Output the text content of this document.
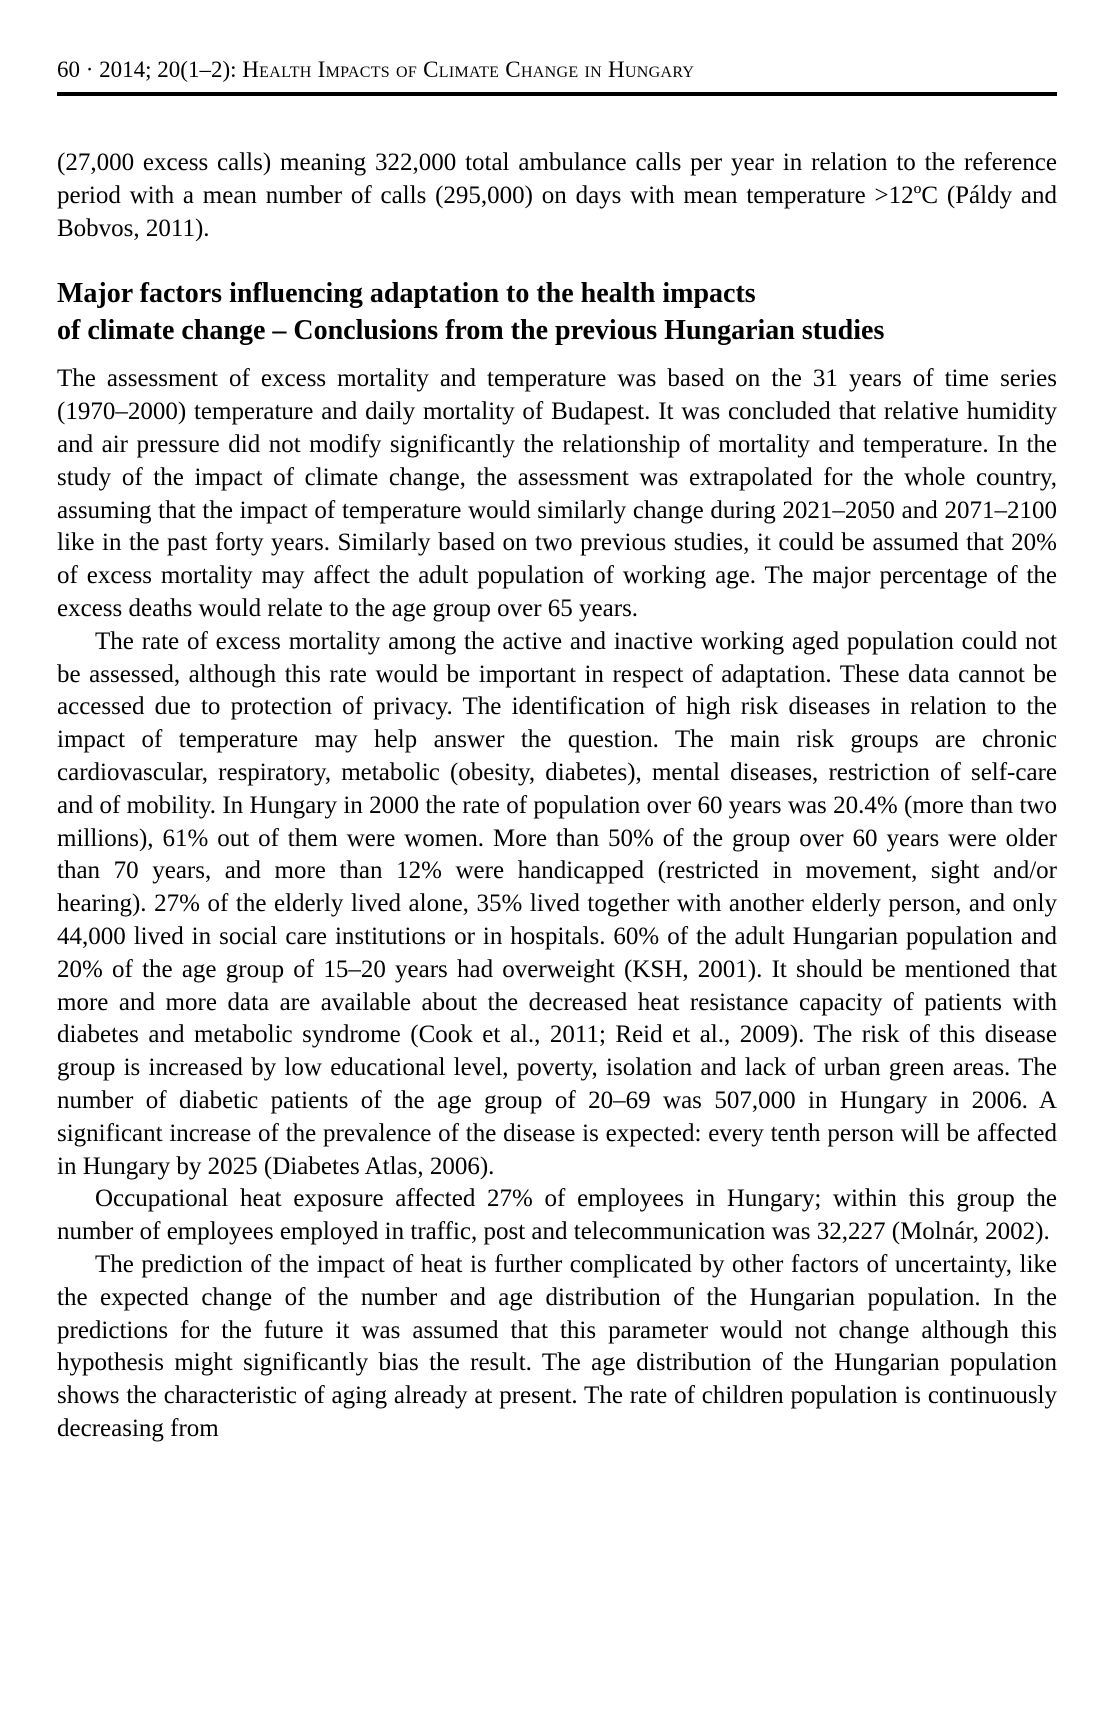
60 · 2014; 20(1–2): Health Impacts of Climate Change in Hungary

(27,000 excess calls) meaning 322,000 total ambulance calls per year in relation to the reference period with a mean number of calls (295,000) on days with mean temperature >12ºC (Páldy and Bobvos, 2011).

Major factors influencing adaptation to the health impacts
of climate change – Conclusions from the previous Hungarian studies

The assessment of excess mortality and temperature was based on the 31 years of time series (1970–2000) temperature and daily mortality of Budapest. It was concluded that relative humidity and air pressure did not modify significantly the relationship of mortality and temperature. In the study of the impact of climate change, the assessment was extrapolated for the whole country, assuming that the impact of temperature would similarly change during 2021–2050 and 2071–2100 like in the past forty years. Similarly based on two previous studies, it could be assumed that 20% of excess mortality may affect the adult population of working age. The major percentage of the excess deaths would relate to the age group over 65 years.

The rate of excess mortality among the active and inactive working aged population could not be assessed, although this rate would be important in respect of adaptation. These data cannot be accessed due to protection of privacy. The identification of high risk diseases in relation to the impact of temperature may help answer the question. The main risk groups are chronic cardiovascular, respiratory, metabolic (obesity, diabetes), mental diseases, restriction of self-care and of mobility. In Hungary in 2000 the rate of population over 60 years was 20.4% (more than two millions), 61% out of them were women. More than 50% of the group over 60 years were older than 70 years, and more than 12% were handicapped (restricted in movement, sight and/or hearing). 27% of the elderly lived alone, 35% lived together with another elderly person, and only 44,000 lived in social care institutions or in hospitals. 60% of the adult Hungarian population and 20% of the age group of 15–20 years had overweight (KSH, 2001). It should be mentioned that more and more data are available about the decreased heat resistance capacity of patients with diabetes and metabolic syndrome (Cook et al., 2011; Reid et al., 2009). The risk of this disease group is increased by low educational level, poverty, isolation and lack of urban green areas. The number of diabetic patients of the age group of 20–69 was 507,000 in Hungary in 2006. A significant increase of the prevalence of the disease is expected: every tenth person will be affected in Hungary by 2025 (Diabetes Atlas, 2006).

Occupational heat exposure affected 27% of employees in Hungary; within this group the number of employees employed in traffic, post and telecommunication was 32,227 (Molnár, 2002).

The prediction of the impact of heat is further complicated by other factors of uncertainty, like the expected change of the number and age distribution of the Hungarian population. In the predictions for the future it was assumed that this parameter would not change although this hypothesis might significantly bias the result. The age distribution of the Hungarian population shows the characteristic of aging already at present. The rate of children population is continuously decreasing from
